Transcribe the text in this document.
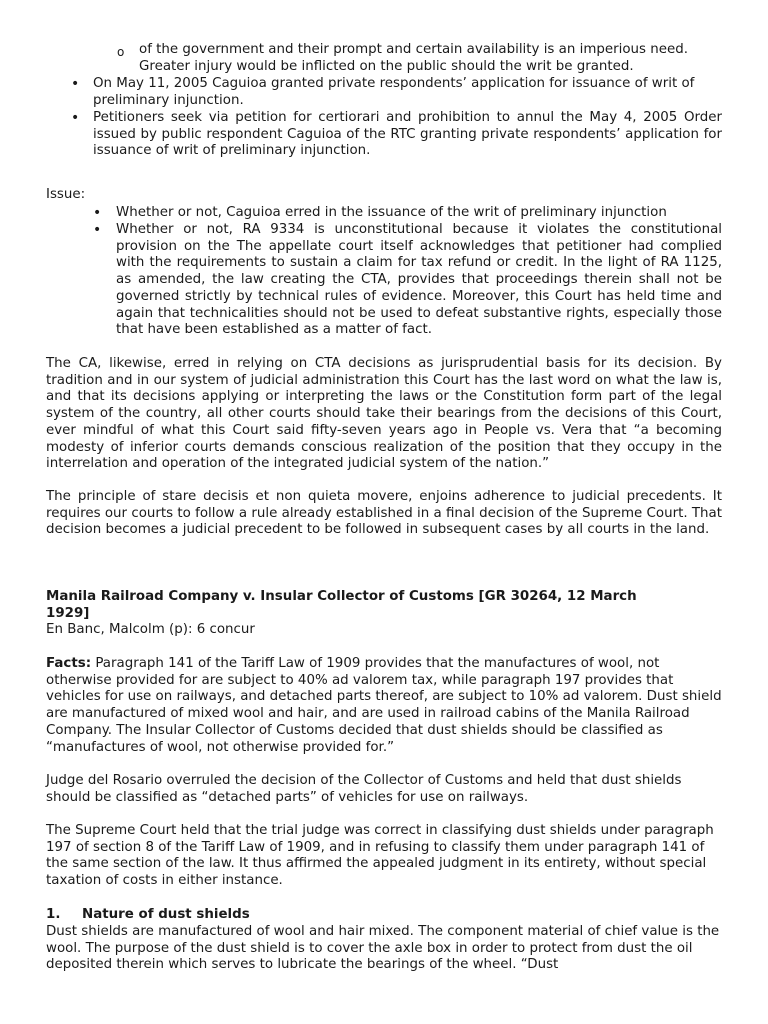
o of the government and their prompt and certain availability is an imperious need. Greater injury would be inflicted on the public should the writ be granted.
• On May 11, 2005 Caguioa granted private respondents’ application for issuance of writ of preliminary injunction.
• Petitioners seek via petition for certiorari and prohibition to annul the May 4, 2005 Order issued by public respondent Caguioa of the RTC granting private respondents’ application for issuance of writ of preliminary injunction.
Issue:
• Whether or not, Caguioa erred in the issuance of the writ of preliminary injunction
• Whether or not, RA 9334 is unconstitutional because it violates the constitutional provision on the The appellate court itself acknowledges that petitioner had complied with the requirements to sustain a claim for tax refund or credit. In the light of RA 1125, as amended, the law creating the CTA, provides that proceedings therein shall not be governed strictly by technical rules of evidence. Moreover, this Court has held time and again that technicalities should not be used to defeat substantive rights, especially those that have been established as a matter of fact.
The CA, likewise, erred in relying on CTA decisions as jurisprudential basis for its decision. By tradition and in our system of judicial administration this Court has the last word on what the law is, and that its decisions applying or interpreting the laws or the Constitution form part of the legal system of the country, all other courts should take their bearings from the decisions of this Court, ever mindful of what this Court said fifty-seven years ago in People vs. Vera that “a becoming modesty of inferior courts demands conscious realization of the position that they occupy in the interrelation and operation of the integrated judicial system of the nation.”
The principle of stare decisis et non quieta movere, enjoins adherence to judicial precedents. It requires our courts to follow a rule already established in a final decision of the Supreme Court. That decision becomes a judicial precedent to be followed in subsequent cases by all courts in the land.
Manila Railroad Company v. Insular Collector of Customs [GR 30264, 12 March
1929]
En Banc, Malcolm (p): 6 concur
Facts: Paragraph 141 of the Tariff Law of 1909 provides that the manufactures of wool, not otherwise provided for are subject to 40% ad valorem tax, while paragraph 197 provides that vehicles for use on railways, and detached parts thereof, are subject to 10% ad valorem. Dust shield are manufactured of mixed wool and hair, and are used in railroad cabins of the Manila Railroad Company. The Insular Collector of Customs decided that dust shields should be classified as “manufactures of wool, not otherwise provided for.”
Judge del Rosario overruled the decision of the Collector of Customs and held that dust shields should be classified as “detached parts” of vehicles for use on railways.
The Supreme Court held that the trial judge was correct in classifying dust shields under paragraph 197 of section 8 of the Tariff Law of 1909, and in refusing to classify them under paragraph 141 of the same section of the law. It thus affirmed the appealed judgment in its entirety, without special taxation of costs in either instance.
1. Nature of dust shields
Dust shields are manufactured of wool and hair mixed. The component material of chief value is the wool. The purpose of the dust shield is to cover the axle box in order to protect from dust the oil deposited therein which serves to lubricate the bearings of the wheel. “Dust
